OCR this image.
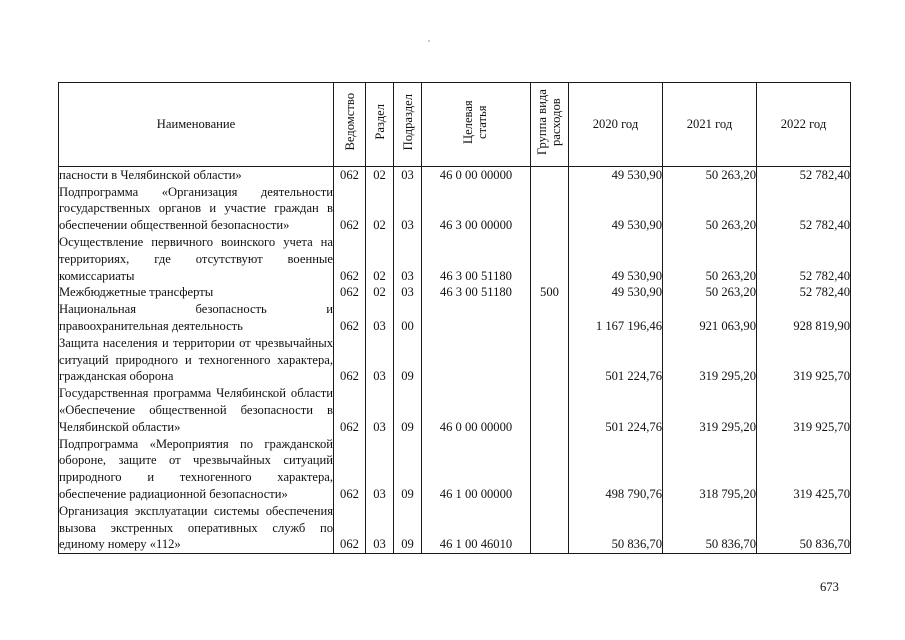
Наименование	Ведомство	Раздел	Подраздел	Целевая статья	Группа вида расходов	2020 год	2021 год	2022 год
пасности в Челябинской области»	062	02	03	46 0 00 00000		49 530,90	50 263,20	52 782,40
Подпрограмма «Организация деятельности государственных органов и участие граждан в обеспечении общественной безопасности»	062	02	03	46 3 00 00000		49 530,90	50 263,20	52 782,40
Осуществление первичного воинского учета на территориях, где отсутствуют военные комиссариаты	062	02	03	46 3 00 51180		49 530,90	50 263,20	52 782,40
Межбюджетные трансферты	062	02	03	46 3 00 51180	500	49 530,90	50 263,20	52 782,40
Национальная безопасность и правоохранительная деятельность	062	03	00			1 167 196,46	921 063,90	928 819,90
Защита населения и территории от чрезвычайных ситуаций природного и техногенного характера, гражданская оборона	062	03	09			501 224,76	319 295,20	319 925,70
Государственная программа Челябинской области «Обеспечение общественной безопасности в Челябинской области»	062	03	09	46 0 00 00000		501 224,76	319 295,20	319 925,70
Подпрограмма «Мероприятия по гражданской обороне, защите от чрезвычайных ситуаций природного и техногенного характера, обеспечение радиационной безопасности»	062	03	09	46 1 00 00000		498 790,76	318 795,20	319 425,70
Организация эксплуатации системы обеспечения вызова экстренных оперативных служб по единому номеру «112»	062	03	09	46 1 00 46010		50 836,70	50 836,70	50 836,70
673
